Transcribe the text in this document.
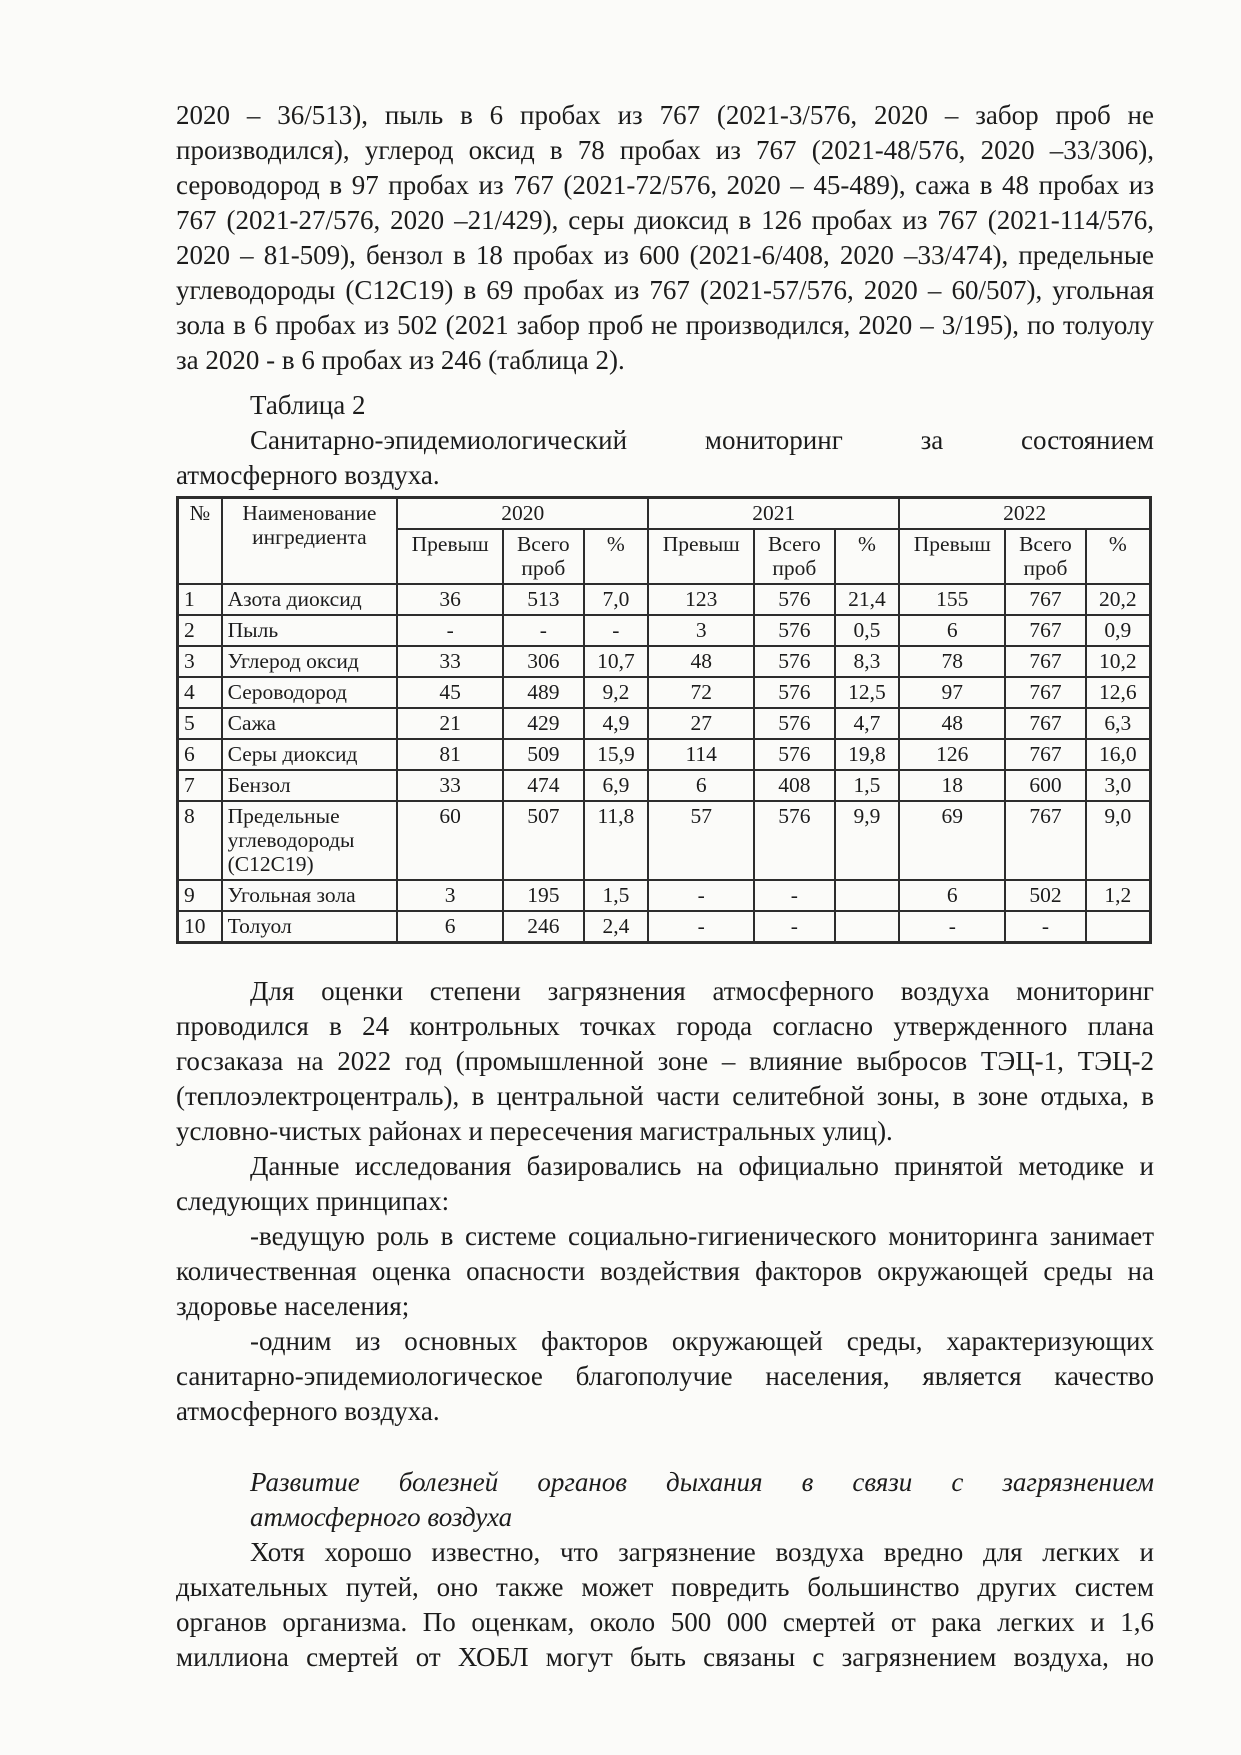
2020 – 36/513), пыль в 6 пробах из 767 (2021-3/576, 2020 – забор проб не производился), углерод оксид в 78 пробах из 767 (2021-48/576, 2020 –33/306), сероводород в 97 пробах из 767 (2021-72/576, 2020 – 45-489), сажа в 48 пробах из 767 (2021-27/576, 2020 –21/429), серы диоксид в 126 пробах из 767 (2021-114/576, 2020 – 81-509), бензол в 18 пробах из 600 (2021-6/408, 2020 –33/474), предельные углеводороды (С12С19) в 69 пробах из 767 (2021-57/576, 2020 – 60/507), угольная зола в 6 пробах из 502 (2021 забор проб не производился, 2020 – 3/195), по толуолу за 2020 - в 6 пробах из 246 (таблица 2).

Таблица 2

Санитарно-эпидемиологический мониторинг за состоянием
атмосферного воздуха.

№	Наименование ингредиента	2020			2021			2022		
		Превыш	Всего проб	%	Превыш	Всего проб	%	Превыш	Всего проб	%
1	Азота диоксид	36	513	7,0	123	576	21,4	155	767	20,2
2	Пыль	-	-	-	3	576	0,5	6	767	0,9
3	Углерод оксид	33	306	10,7	48	576	8,3	78	767	10,2
4	Сероводород	45	489	9,2	72	576	12,5	97	767	12,6
5	Сажа	21	429	4,9	27	576	4,7	48	767	6,3
6	Серы диоксид	81	509	15,9	114	576	19,8	126	767	16,0
7	Бензол	33	474	6,9	6	408	1,5	18	600	3,0
8	Предельные углеводороды (С12С19)	60	507	11,8	57	576	9,9	69	767	9,0
9	Угольная зола	3	195	1,5	-	-		6	502	1,2
10	Толуол	6	246	2,4	-	-		-	-	

Для оценки степени загрязнения атмосферного воздуха мониторинг проводился в 24 контрольных точках города согласно утвержденного плана госзаказа на 2022 год (промышленной зоне – влияние выбросов ТЭЦ-1, ТЭЦ-2 (теплоэлектроцентраль), в центральной части селитебной зоны, в зоне отдыха, в условно-чистых районах и пересечения магистральных улиц).

Данные исследования базировались на официально принятой методике и следующих принципах:

-ведущую роль в системе социально-гигиенического мониторинга занимает количественная оценка опасности воздействия факторов окружающей среды на здоровье населения;

-одним из основных факторов окружающей среды, характеризующих санитарно-эпидемиологическое благополучие населения, является качество атмосферного воздуха.

Развитие болезней органов дыхания в связи с загрязнением
атмосферного воздуха

Хотя хорошо известно, что загрязнение воздуха вредно для легких и дыхательных путей, оно также может повредить большинство других систем органов организма. По оценкам, около 500 000 смертей от рака легких и 1,6 миллиона смертей от ХОБЛ могут быть связаны с загрязнением воздуха, но
